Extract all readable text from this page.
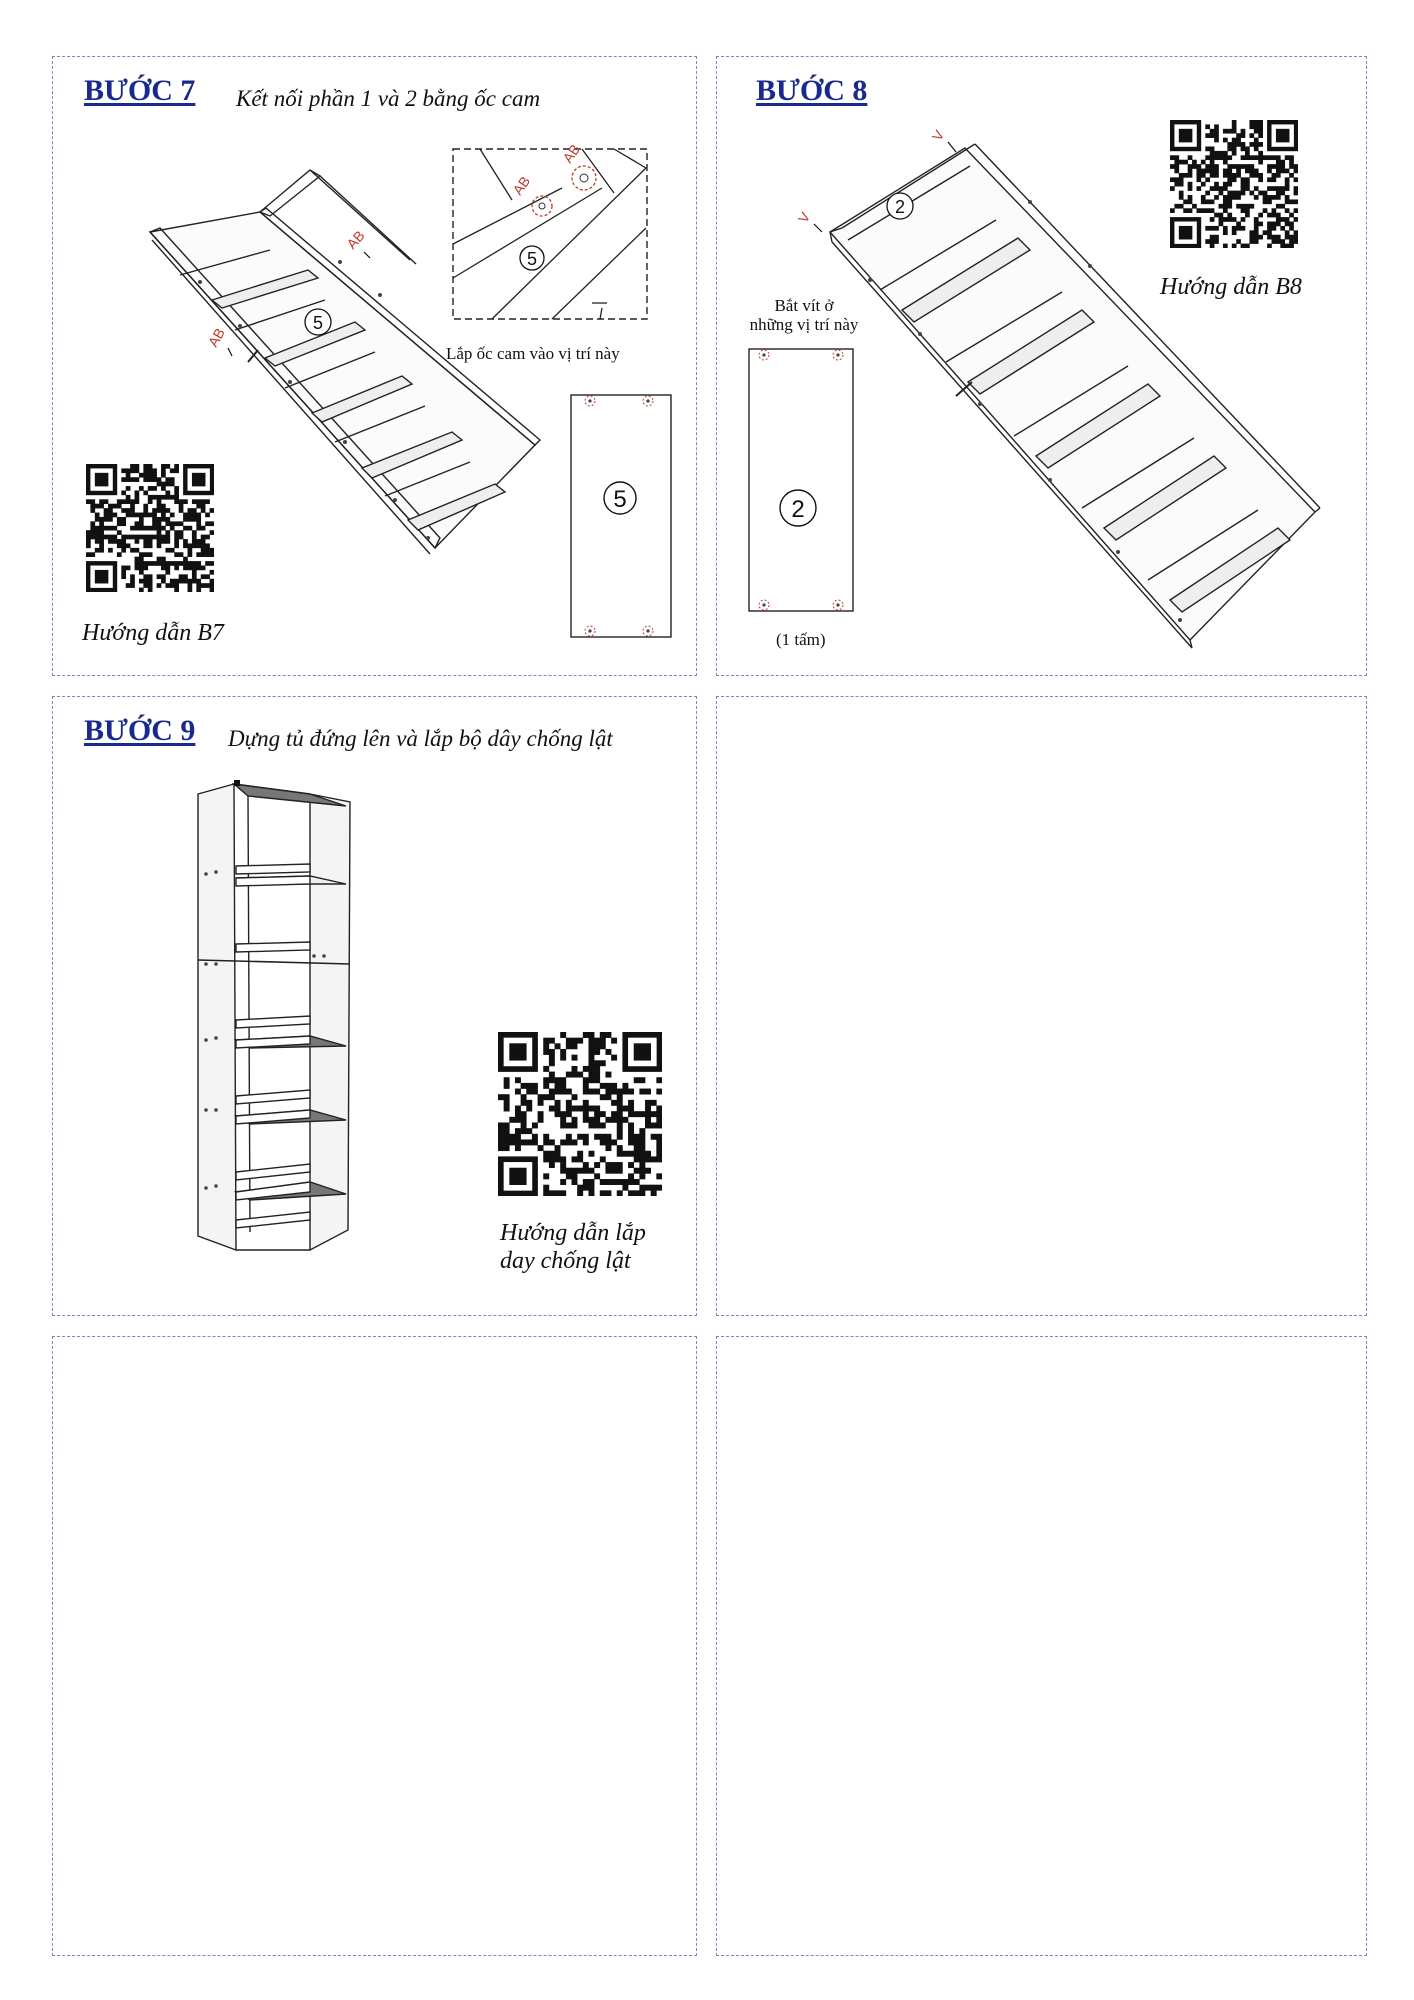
BƯỚC 7 Kết nối phần 1 và 2 bằng ốc cam
5
AB
AB
AB
AB
5
Lắp ốc cam vào vị trí này
5
Hướng dẫn B7
BƯỚC 8
2
V
V
Bắt vít ở
những vị trí này
2
(1 tấm)
Hướng dẫn B8
BƯỚC 9 Dựng tủ đứng lên và lắp bộ dây chống lật
Hướng dẫn lắp
day chống lật
